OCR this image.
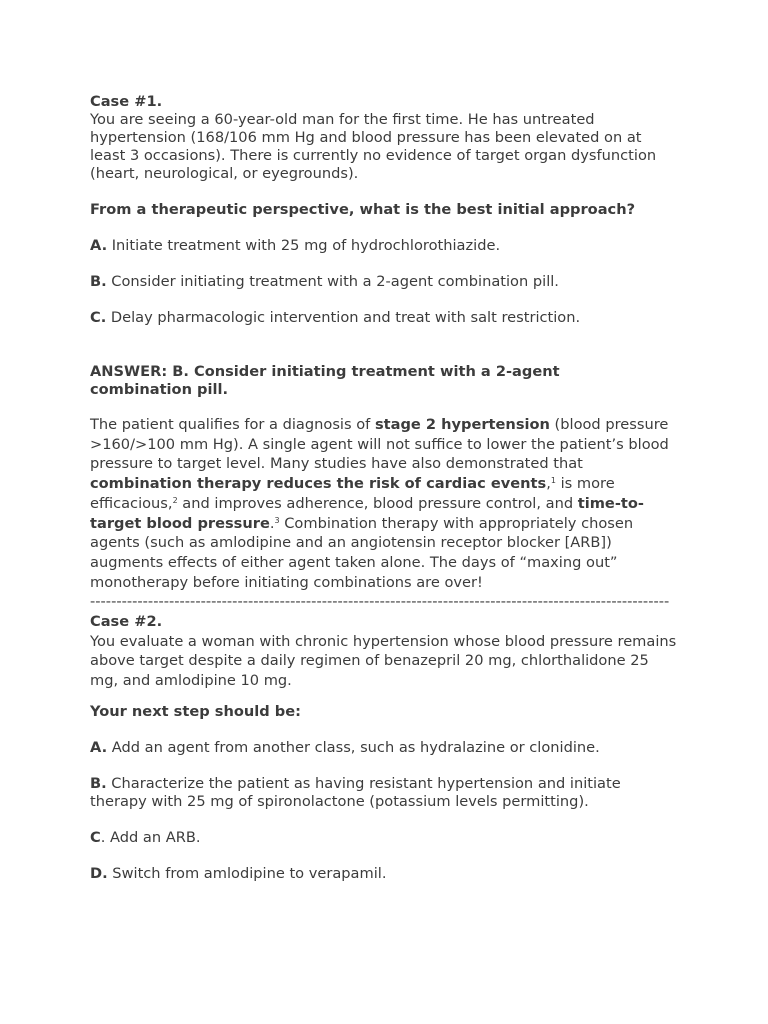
Case #1.

You are seeing a 60-year-old man for the first time. He has untreated hypertension (168/106 mm Hg and blood pressure has been elevated on at least 3 occasions). There is currently no evidence of target organ dysfunction (heart, neurological, or eyegrounds).

From a therapeutic perspective, what is the best initial approach?

A. Initiate treatment with 25 mg of hydrochlorothiazide.

B. Consider initiating treatment with a 2-agent combination pill.

C. Delay pharmacologic intervention and treat with salt restriction.

ANSWER: B. Consider initiating treatment with a 2-agent combination pill.

The patient qualifies for a diagnosis of stage 2 hypertension (blood pressure >160/>100 mm Hg). A single agent will not suffice to lower the patient’s blood pressure to target level. Many studies have also demonstrated that combination therapy reduces the risk of cardiac events,$^1$ is more efficacious,$^2$ and improves adherence, blood pressure control, and time-to-target blood pressure.$^3$ Combination therapy with appropriately chosen agents (such as amlodipine and an angiotensin receptor blocker [ARB]) augments effects of either agent taken alone. The days of “maxing out” monotherapy before initiating combinations are over!

--------------------------------------------------------------------------------------------------------------

Case #2.

You evaluate a woman with chronic hypertension whose blood pressure remains above target despite a daily regimen of benazepril 20 mg, chlorthalidone 25 mg, and amlodipine 10 mg.

Your next step should be:

A. Add an agent from another class, such as hydralazine or clonidine.

B. Characterize the patient as having resistant hypertension and initiate therapy with 25 mg of spironolactone (potassium levels permitting).

C. Add an ARB.

D. Switch from amlodipine to verapamil.
